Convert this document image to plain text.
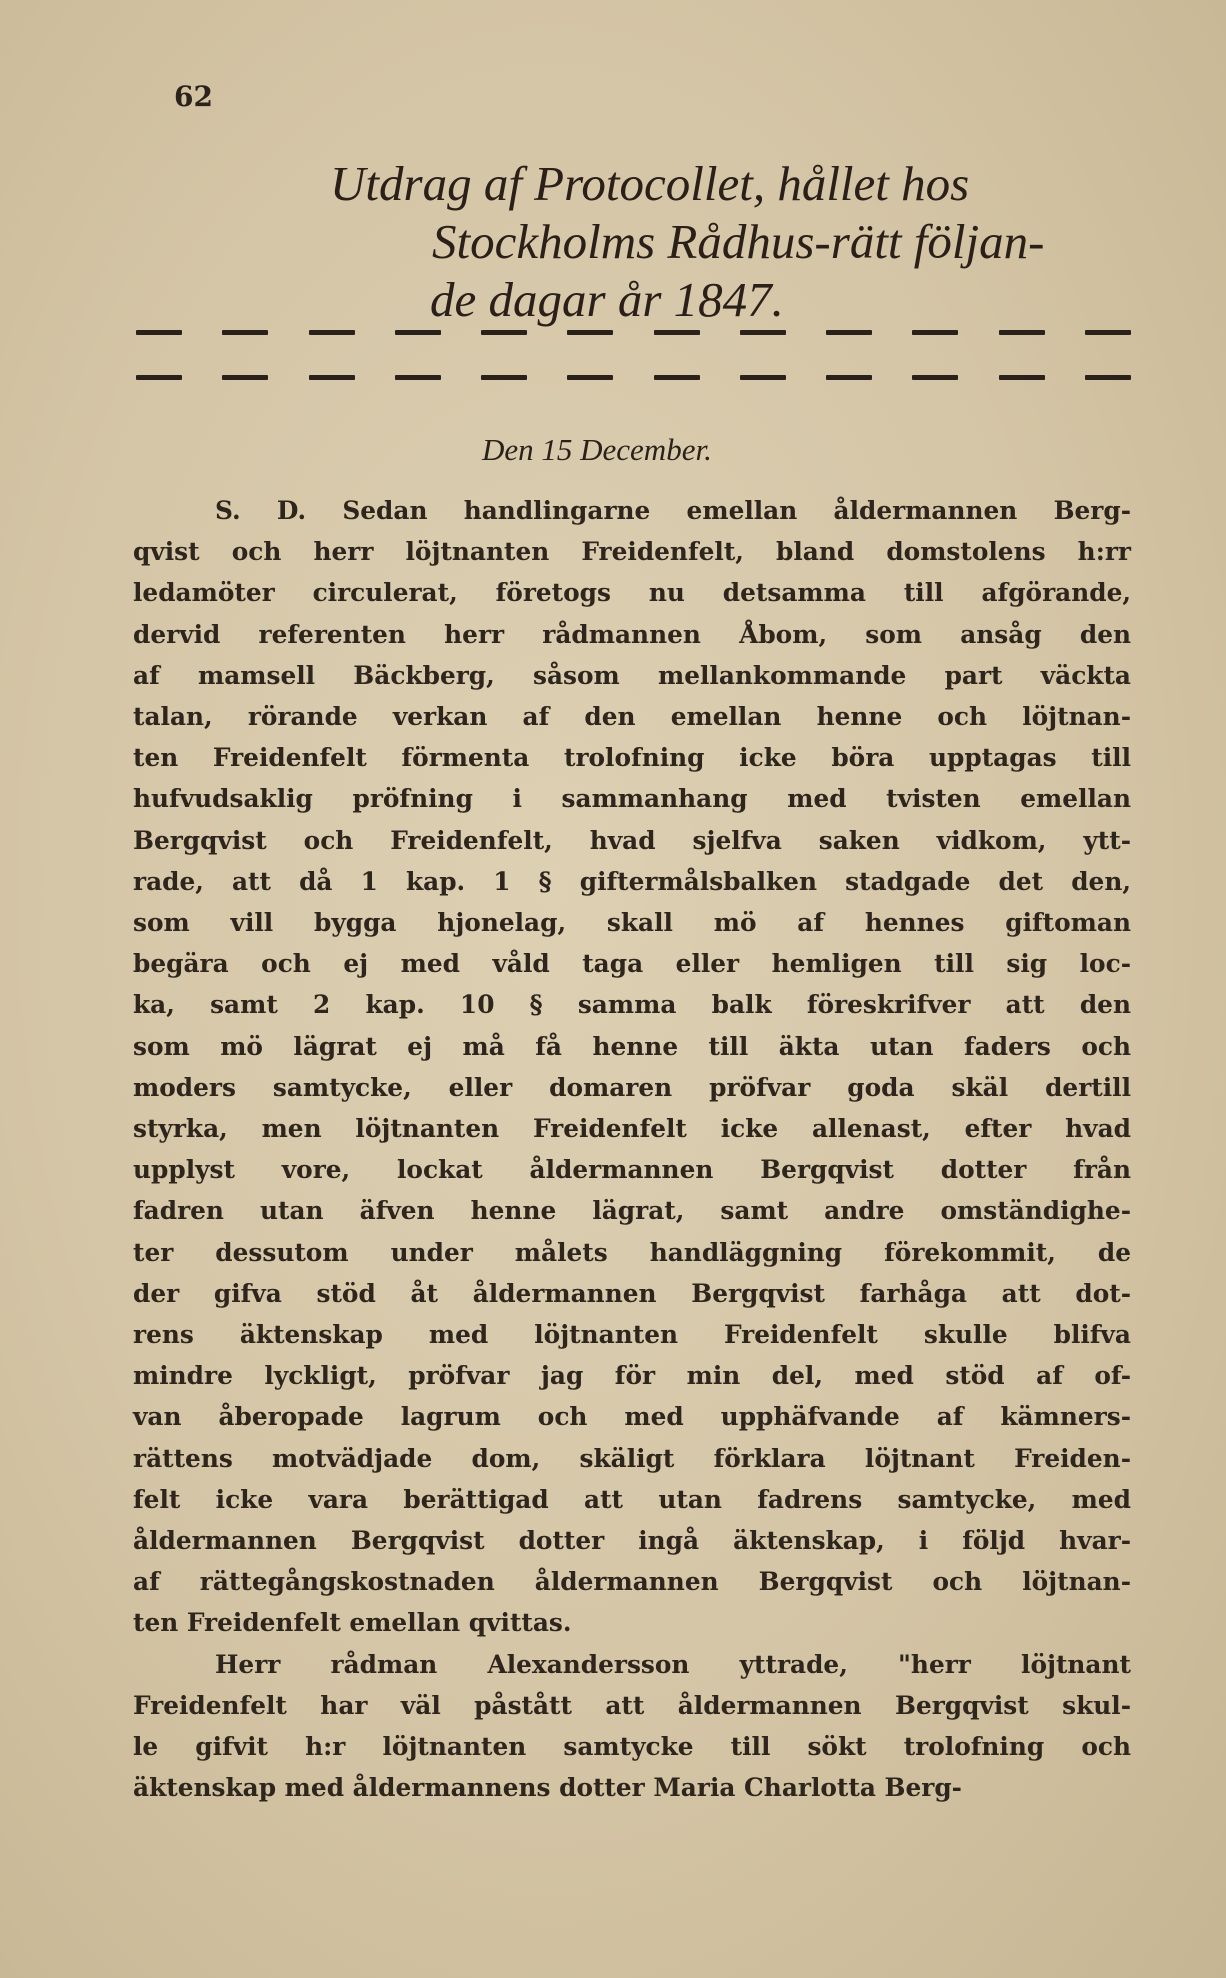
62
Utdrag af Protocollet, hållet hos
Stockholms Rådhus-rätt följan-
de dagar år 1847.
Den 15 December.
S. D. Sedan handlingarne emellan åldermannen Berg-
qvist och herr löjtnanten Freidenfelt, bland domstolens h:rr
ledamöter circulerat, företogs nu detsamma till afgörande,
dervid referenten herr rådmannen Åbom, som ansåg den
af mamsell Bäckberg, såsom mellankommande part väckta
talan, rörande verkan af den emellan henne och löjtnan-
ten Freidenfelt förmenta trolofning icke böra upptagas till
hufvudsaklig pröfning i sammanhang med tvisten emellan
Bergqvist och Freidenfelt, hvad sjelfva saken vidkom, ytt-
rade, att då 1 kap. 1 § giftermålsbalken stadgade det den,
som vill bygga hjonelag, skall mö af hennes giftoman
begära och ej med våld taga eller hemligen till sig loc-
ka, samt 2 kap. 10 § samma balk föreskrifver att den
som mö lägrat ej må få henne till äkta utan faders och
moders samtycke, eller domaren pröfvar goda skäl dertill
styrka, men löjtnanten Freidenfelt icke allenast, efter hvad
upplyst vore, lockat åldermannen Bergqvist dotter från
fadren utan äfven henne lägrat, samt andre omständighe-
ter dessutom under målets handläggning förekommit, de
der gifva stöd åt åldermannen Bergqvist farhåga att dot-
rens äktenskap med löjtnanten Freidenfelt skulle blifva
mindre lyckligt, pröfvar jag för min del, med stöd af of-
van åberopade lagrum och med upphäfvande af kämners-
rättens motvädjade dom, skäligt förklara löjtnant Freiden-
felt icke vara berättigad att utan fadrens samtycke, med
åldermannen Bergqvist dotter ingå äktenskap, i följd hvar-
af rättegångskostnaden åldermannen Bergqvist och löjtnan-
ten Freidenfelt emellan qvittas.
Herr rådman Alexandersson yttrade, "herr löjtnant
Freidenfelt har väl påstått att åldermannen Bergqvist skul-
le gifvit h:r löjtnanten samtycke till sökt trolofning och
äktenskap med åldermannens dotter Maria Charlotta Berg-
